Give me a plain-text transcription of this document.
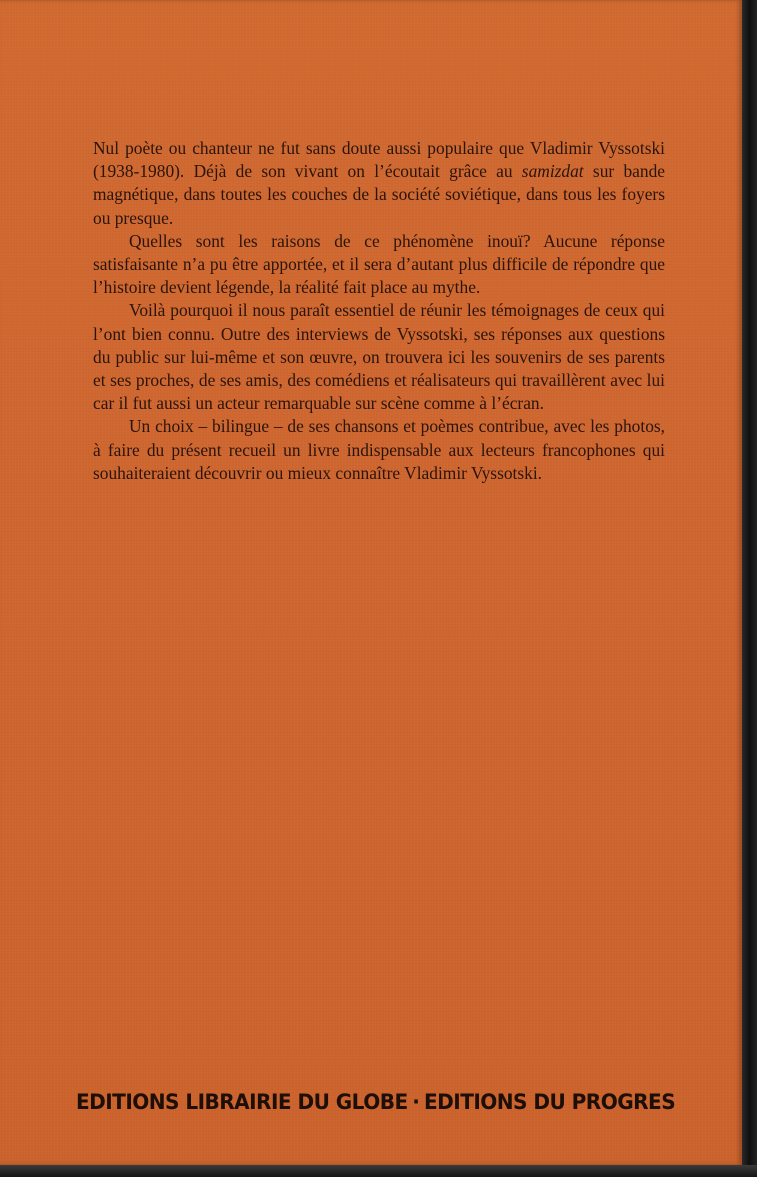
Nul poète ou chanteur ne fut sans doute aussi populaire que Vladimir Vyssotski (1938-1980). Déjà de son vivant on l’écoutait grâce au samizdat sur bande magnétique, dans toutes les couches de la société soviétique, dans tous les foyers ou presque.

Quelles sont les raisons de ce phénomène inouï? Aucune réponse satisfaisante n’a pu être apportée, et il sera d’autant plus difficile de répondre que l’histoire devient légende, la réalité fait place au mythe.

Voilà pourquoi il nous paraît essentiel de réunir les témoignages de ceux qui l’ont bien connu. Outre des interviews de Vyssotski, ses réponses aux questions du public sur lui-même et son œuvre, on trouvera ici les souvenirs de ses parents et ses proches, de ses amis, des comédiens et réalisateurs qui travaillèrent avec lui car il fut aussi un acteur remarquable sur scène comme à l’écran.

Un choix – bilingue – de ses chansons et poèmes contribue, avec les photos, à faire du présent recueil un livre indispensable aux lecteurs francophones qui souhaiteraient découvrir ou mieux connaître Vladimir Vyssotski.

EDITIONS LIBRAIRIE DU GLOBE · EDITIONS DU PROGRES
